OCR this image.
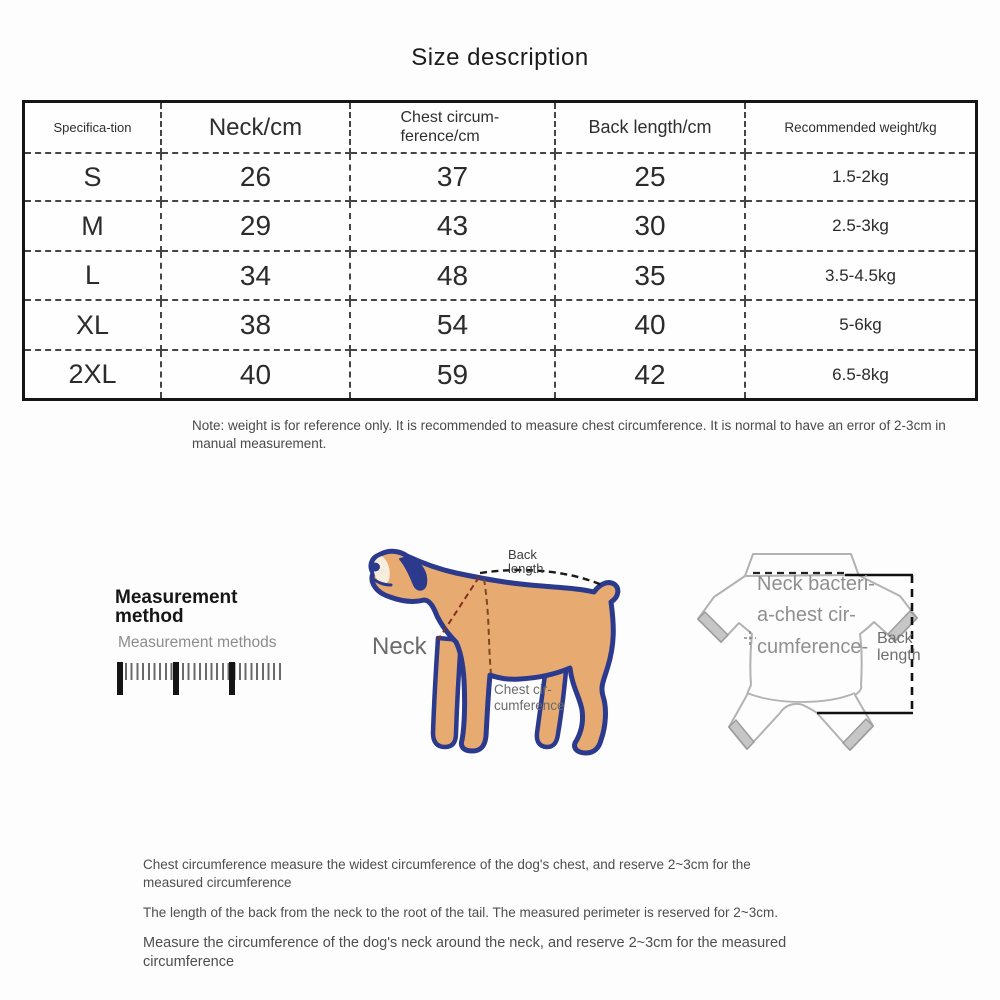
Size description
Specifica-tion	Neck/cm	Chest circum-ference/cm	Back length/cm	Recommended weight/kg
S	26	37	25	1.5-2kg
M	29	43	30	2.5-3kg
L	34	48	35	3.5-4.5kg
XL	38	54	40	5-6kg
2XL	40	59	42	6.5-8kg
Note: weight is for reference only. It is recommended to measure chest circumference. It is normal to have an error of 2-3cm in manual measurement.
Measurement method
Measurement methods
Back length
Neck
Chest cir-cumference
Neck bacteri-
a-chest cir-
cumference- Back length
Chest circumference measure the widest circumference of the dog's chest, and reserve 2~3cm for the measured circumference
The length of the back from the neck to the root of the tail. The measured perimeter is reserved for 2~3cm.
Measure the circumference of the dog's neck around the neck, and reserve 2~3cm for the measured circumference
